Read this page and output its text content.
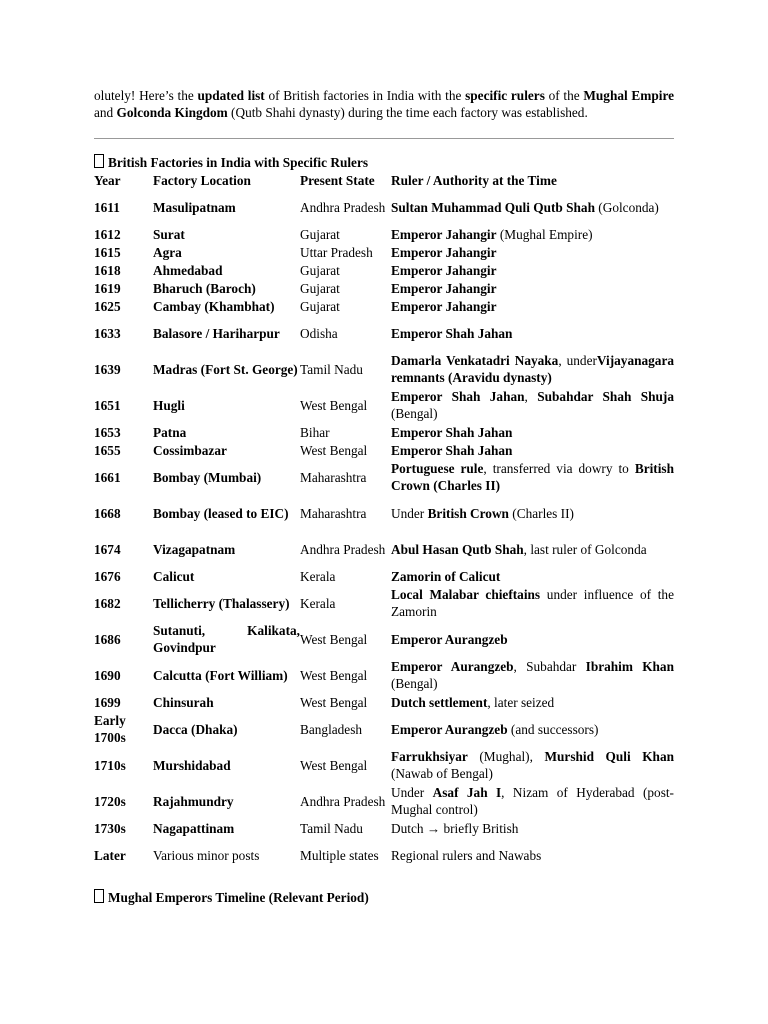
olutely! Here’s the updated list of British factories in India with the specific rulers of the Mughal Empire and Golconda Kingdom (Qutb Shahi dynasty) during the time each factory was established.

British Factories in India with Specific Rulers

Year	Factory Location	Present State	Ruler / Authority at the Time
1611	Masulipatnam	Andhra Pradesh	Sultan Muhammad Quli Qutb Shah (Golconda)
1612	Surat	Gujarat	Emperor Jahangir (Mughal Empire)
1615	Agra	Uttar Pradesh	Emperor Jahangir
1618	Ahmedabad	Gujarat	Emperor Jahangir
1619	Bharuch (Baroch)	Gujarat	Emperor Jahangir
1625	Cambay (Khambhat)	Gujarat	Emperor Jahangir
1633	Balasore / Hariharpur	Odisha	Emperor Shah Jahan
1639	Madras (Fort St. George)	Tamil Nadu	Damarla Venkatadri Nayaka, underVijayanagara remnants (Aravidu dynasty)
1651	Hugli	West Bengal	Emperor Shah Jahan, Subahdar Shah Shuja (Bengal)
1653	Patna	Bihar	Emperor Shah Jahan
1655	Cossimbazar	West Bengal	Emperor Shah Jahan
1661	Bombay (Mumbai)	Maharashtra	Portuguese rule, transferred via dowry to British Crown (Charles II)
1668	Bombay (leased to EIC)	Maharashtra	Under British Crown (Charles II)
1674	Vizagapatnam	Andhra Pradesh	Abul Hasan Qutb Shah, last ruler of Golconda
1676	Calicut	Kerala	Zamorin of Calicut
1682	Tellicherry (Thalassery)	Kerala	Local Malabar chieftains under influence of the Zamorin
1686	Sutanuti, Kalikata, Govindpur	West Bengal	Emperor Aurangzeb
1690	Calcutta (Fort William)	West Bengal	Emperor Aurangzeb, Subahdar Ibrahim Khan (Bengal)
1699	Chinsurah	West Bengal	Dutch settlement, later seized
Early 1700s	Dacca (Dhaka)	Bangladesh	Emperor Aurangzeb (and successors)
1710s	Murshidabad	West Bengal	Farrukhsiyar (Mughal), Murshid Quli Khan (Nawab of Bengal)
1720s	Rajahmundry	Andhra Pradesh	Under Asaf Jah I, Nizam of Hyderabad (post-Mughal control)
1730s	Nagapattinam	Tamil Nadu	Dutch → briefly British
Later	Various minor posts	Multiple states	Regional rulers and Nawabs

Mughal Emperors Timeline (Relevant Period)
